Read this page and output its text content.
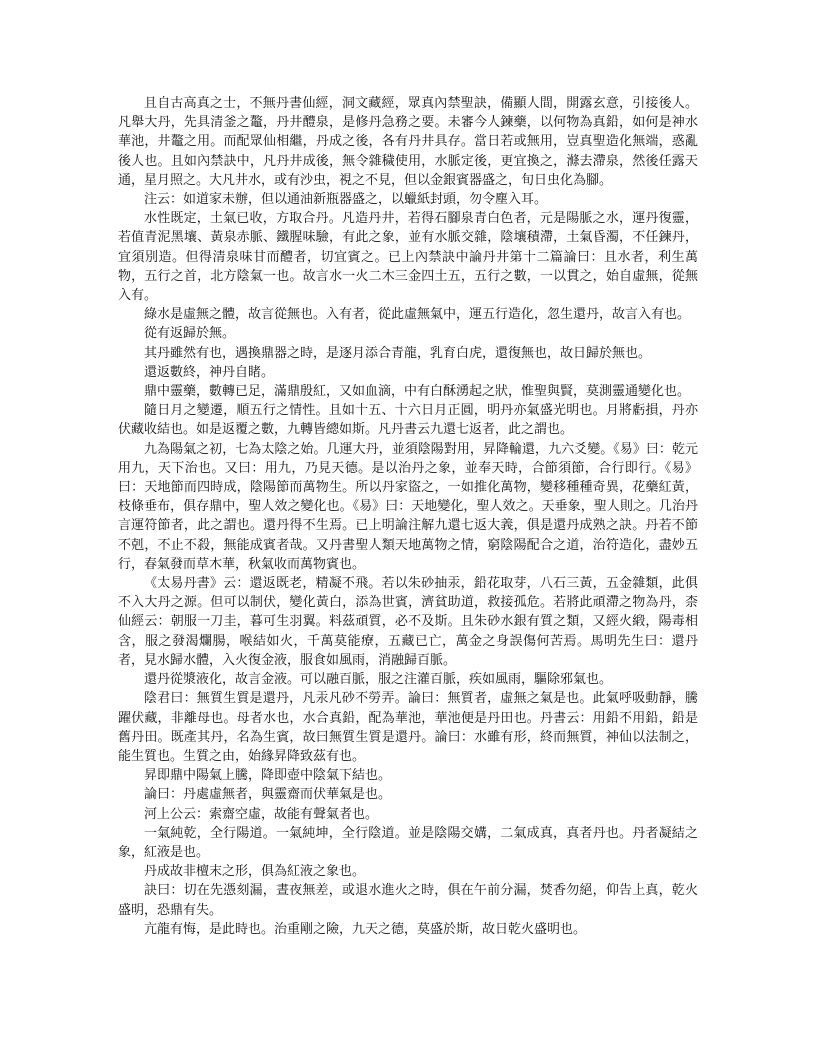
且自古高真之士，不無丹書仙經，洞文藏經，眾真內禁聖訣，備顯人間，開露玄意，引接後人。凡舉大丹，先具清釜之鼇，丹井醴泉，是修丹急務之要。未審今人鍊藥，以何物為真鉛，如何是神水華池，井鼇之用。而配眾仙相繼，丹成之後，各有丹井具存。當日若或無用，豈真聖造化無端，惑亂後人也。且如內禁訣中，凡丹井成後，無令雜穢使用，水脈定後，更宜換之，滌去滯泉，然後任露天通，星月照之。大凡井水，或有沙虫，視之不見，但以金銀賓器盛之，旬日虫化為腳。

注云：如道家未辦，但以通油新瓶器盛之，以蠟紙封頭，勿令塵入耳。

水性既定，土氣已收，方取合丹。凡造丹井，若得石腳泉青白色者，元是陽脈之水，運丹復靈，若值青泥黑壤、黃泉赤脈、鐵腥味驗，有此之象，並有水脈交雜，陰壤積滯，土氣昏濁，不任鍊丹，宜須別造。但得清泉味甘而醴者，切宜賓之。已上內禁訣中論丹井第十二篇論曰：且水者，利生萬物，五行之首，北方陰氣一也。故言水一火二木三金四土五，五行之數，一以貫之，始自虛無，從無入有。

綠水是虛無之體，故言從無也。入有者，從此虛無氣中，運五行造化，忽生還丹，故言入有也。

從有返歸於無。

其丹雖然有也，遇換鼎器之時，是逐月添合青龍，乳育白虎，還復無也，故日歸於無也。

還返數終，神丹自睹。

鼎中靈藥，數轉已足，滿鼎殷紅，又如血滴，中有白酥湧起之狀，惟聖與賢，莫測靈通變化也。

隨日月之變遷，順五行之情性。且如十五、十六日月正圓，明丹亦氣盛光明也。月將虧損，丹亦伏藏收結也。如是返覆之數，九轉皆總如斯。凡丹書云九還七返者，此之謂也。

九為陽氣之初，七為太陰之始。几運大丹，並須陰陽對用，昇降輪還，九六爻變。《易》曰：乾元用九，天下治也。又曰：用九，乃見天德。是以治丹之象，並奉天時，合節須節，合行即行。《易》曰：天地節而四時成，陰陽節而萬物生。所以丹家盜之，一如推化萬物，變移種種奇異，花藥紅黃，枝條垂布，俱存鼎中，聖人效之變化也。《易》曰：天地變化，聖人效之。天垂象，聖人則之。几治丹言運符節者，此之謂也。還丹得不生焉。已上明論注解九還七返大義，俱是還丹成熟之訣。丹若不節不剋，不止不殺，無能成賓者哉。又丹書聖人類天地萬物之情，窮陰陽配合之道，治符造化，盡妙五行，春氣發而草木華，秋氣收而萬物賓也。

《太易丹書》云：還返既老，精凝不飛。若以朱砂抽汞，鉛花取芽，八石三黃，五金雜類，此俱不入大丹之源。但可以制伏，變化黃白，添為世賓，濟貧助道，救接孤危。若將此頑滯之物為丹，柰仙經云：朝服一刀圭，暮可生羽翼。料茲頑質，必不及斯。且朱砂水銀有質之類，又經火緞，陽毒相含，服之發渴爛腸，喉結如火，千萬莫能療，五藏已亡，萬金之身誤傷何苦焉。馬明先生曰：還丹者，見水歸水體，入火復金液，服食如風雨，消融歸百脈。

還丹從漿液化，故言金液。可以融百脈，服之注灌百脈，疾如風雨，驅除邪氣也。

陰君曰：無質生質是還丹，凡汞凡砂不勞弄。論曰：無質者，虛無之氣是也。此氣呼吸動靜，騰躍伏藏，非離母也。母者水也，水合真鉛，配為華池，華池便是丹田也。丹書云：用鉛不用鉛，鉛是舊丹田。既產其丹，名為生賓，故曰無質生質是還丹。論曰：水雖有形，終而無質，神仙以法制之，能生質也。生質之由，始緣昇降致茲有也。

昇即鼎中陽氣上騰，降即壺中陰氣下結也。

論曰：丹處虛無者，與靈齋而伏華氣是也。

河上公云：索齋空虛，故能有聲氣者也。

一氣純乾，全行陽道。一氣純坤，全行陰道。並是陰陽交媾，二氣成真，真者丹也。丹者凝結之象，紅液是也。

丹成故非檀末之形，俱為紅液之象也。

訣曰：切在先憑刻漏，晝夜無差，或退水進火之時，俱在午前分漏，焚香勿絕，仰告上真，乾火盛明，恐鼎有失。

亢龍有悔，是此時也。治重剛之險，九天之德，莫盛於斯，故日乾火盛明也。
